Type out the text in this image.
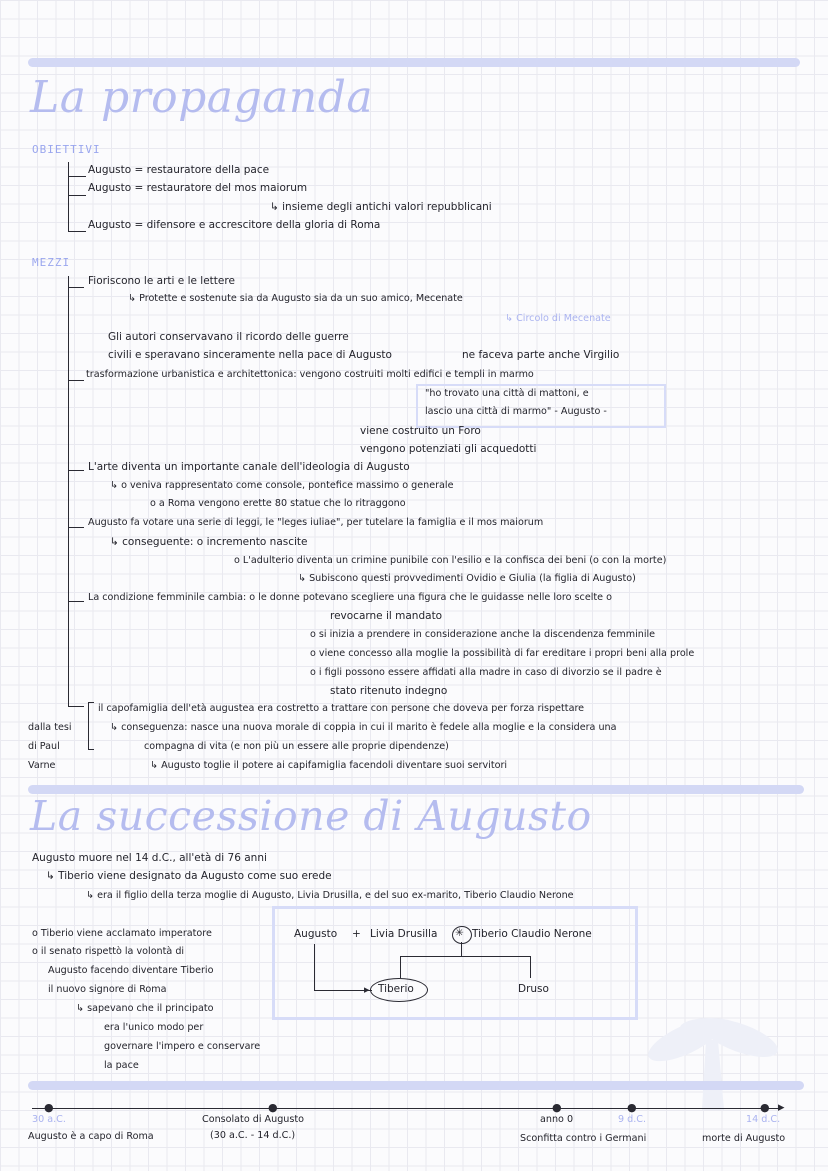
La propaganda
OBIETTIVI
Augusto = restauratore della pace
Augusto = restauratore del mos maiorum
↳ insieme degli antichi valori repubblicani
Augusto = difensore e accrescitore della gloria di Roma
MEZZI
Fioriscono le arti e le lettere
↳ Protette e sostenute sia da Augusto sia da un suo amico, Mecenate
↳ Circolo di Mecenate
Gli autori conservavano il ricordo delle guerre
civili e speravano sinceramente nella pace di Augusto	ne faceva parte anche Virgilio
trasformazione urbanistica e architettonica: vengono costruiti molti edifici e templi in marmo
"ho trovato una città di mattoni, e
lascio una città di marmo" - Augusto -
viene costruito un Foro
vengono potenziati gli acquedotti
L'arte diventa un importante canale dell'ideologia di Augusto
↳ o veniva rappresentato come console, pontefice massimo o generale
o a Roma vengono erette 80 statue che lo ritraggono
Augusto fa votare una serie di leggi, le "leges iuliae", per tutelare la famiglia e il mos maiorum
↳ conseguente: o incremento nascite
o L'adulterio diventa un crimine punibile con l'esilio e la confisca dei beni (o con la morte)
↳ Subiscono questi provvedimenti Ovidio e Giulia (la figlia di Augusto)
La condizione femminile cambia: o le donne potevano scegliere una figura che le guidasse nelle loro scelte o
revocarne il mandato
o si inizia a prendere in considerazione anche la discendenza femminile
o viene concesso alla moglie la possibilità di far ereditare i propri beni alla prole
o i figli possono essere affidati alla madre in caso di divorzio se il padre è
stato ritenuto indegno
il capofamiglia dell'età augustea era costretto a trattare con persone che doveva per forza rispettare
↳ conseguenza: nasce una nuova morale di coppia in cui il marito è fedele alla moglie e la considera una
compagna di vita (e non più un essere alle proprie dipendenze)
↳ Augusto toglie il potere ai capifamiglia facendoli diventare suoi servitori
dalla tesi
di Paul
Varne
La successione di Augusto
Augusto muore nel 14 d.C., all'età di 76 anni
↳ Tiberio viene designato da Augusto come suo erede
↳ era il figlio della terza moglie di Augusto, Livia Drusilla, e del suo ex-marito, Tiberio Claudio Nerone
o Tiberio viene acclamato imperatore
o il senato rispettò la volontà di
Augusto facendo diventare Tiberio
il nuovo signore di Roma
↳ sapevano che il principato
era l'unico modo per
governare l'impero e conservare
la pace
Augusto + Livia Drusilla ✳ Tiberio Claudio Nerone
▸ Tiberio	Druso
▸
●	●	●	●	●
30 a.C.
Augusto è a capo di Roma
Consolato di Augusto
(30 a.C. - 14 d.C.)
anno 0	9 d.C.
Sconfitta contro i Germani
14 d.C.
morte di Augusto
